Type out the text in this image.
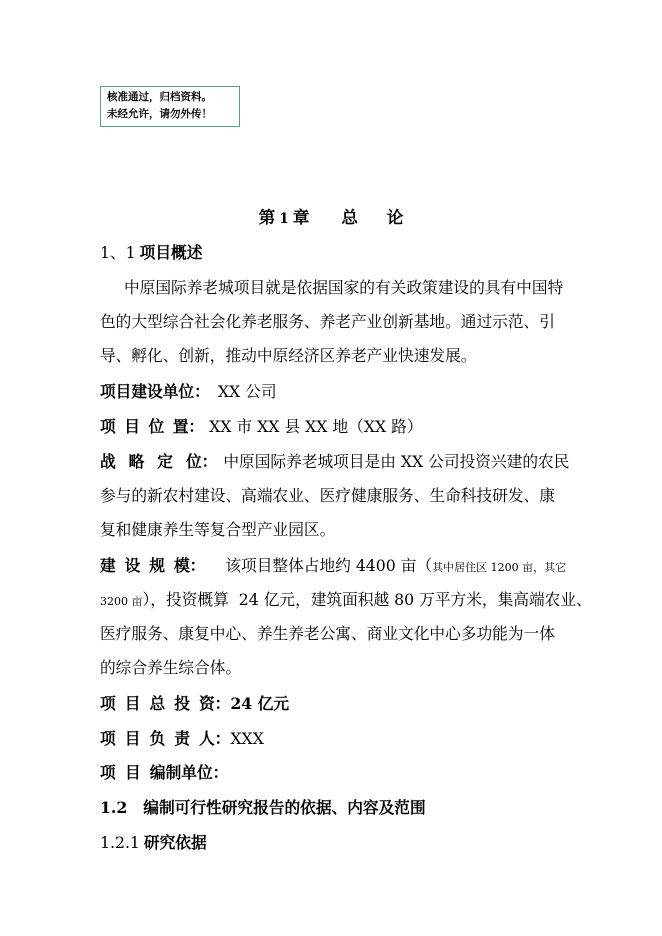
核准通过，归档资料。
未经允许，请勿外传！
第 1 章 总 论
1、1 项目概述
中原国际养老城项目就是依据国家的有关政策建设的具有中国特
色的大型综合社会化养老服务、养老产业创新基地。通过示范、引
导、孵化、创新，推动中原经济区养老产业快速发展。
项目建设单位： XX 公司
项 目 位 置： XX 市 XX 县 XX 地（XX 路）
战 略 定 位： 中原国际养老城项目是由 XX 公司投资兴建的农民
参与的新农村建设、高端农业、医疗健康服务、生命科技研发、康
复和健康养生等复合型产业园区。
建 设 规 模： 该项目整体占地约 4400 亩（其中居住区 1200 亩，其它
3200 亩），投资概算  24 亿元，建筑面积越 80 万平方米，集高端农业、
医疗服务、康复中心、养生养老公寓、商业文化中心多功能为一体
的综合养生综合体。
项 目 总 投 资：24 亿元
项 目 负 责 人：XXX
项 目 编制单位：
1.2 编制可行性研究报告的依据、内容及范围
1.2.1 研究依据
